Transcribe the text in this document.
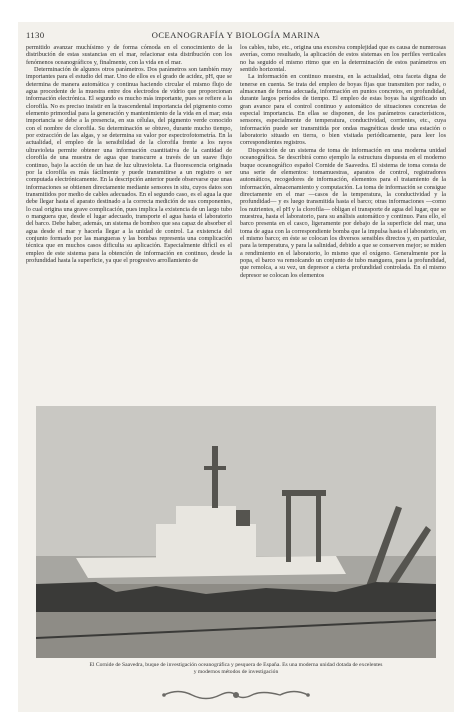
1130	OCEANOGRAFÍA Y BIOLOGÍA MARINA

permitido avanzar muchísimo y de forma cómoda en el conocimiento de la distribución de estas sustancias en el mar, relacionar esta distribución con los fenómenos oceanográficos y, finalmente, con la vida en el mar.

Determinación de algunos otros parámetros. Dos parámetros son también muy importantes para el estudio del mar. Uno de ellos es el grado de acidez, pH, que se determina de manera automática y continua haciendo circular el mismo flujo de agua procedente de la muestra entre dos electrodos de vidrio que proporcionan información electrónica. El segundo es mucho más importante, pues se refiere a la clorofila. No es preciso insistir en la trascendental importancia del pigmento como elemento primordial para la generación y mantenimiento de la vida en el mar; esta importancia se debe a la presencia, en sus células, del pigmento verde conocido con el nombre de clorofila. Su determinación se obtuvo, durante mucho tiempo, por extracción de las algas, y se determina su valor por espectrofotometría. En la actualidad, el empleo de la sensibilidad de la clorofila frente a los rayos ultravioleta permite obtener una información cuantitativa de la cantidad de clorofila de una muestra de agua que transcurre a través de un suave flujo continuo, bajo la acción de un haz de luz ultravioleta. La fluorescencia originada por la clorofila es más fácilmente y puede transmitirse a un registro o ser computada electrónicamente. En la descripción anterior puede observarse que unas informaciones se obtienen directamente mediante sensores in situ, cuyos datos son transmitidos por medio de cables adecuados. En el segundo caso, es el agua la que debe llegar hasta el aparato destinado a la correcta medición de sus componentes, lo cual origina una grave complicación, pues implica la existencia de un largo tubo o manguera que, desde el lugar adecuado, transporte el agua hasta el laboratorio del barco. Debe haber, además, un sistema de bombeo que sea capaz de absorber el agua desde el mar y hacerla llegar a la unidad de control. La existencia del conjunto formado por las mangueras y las bombas representa una complicación técnica que en muchos casos dificulta su aplicación. Especialmente difícil es el empleo de este sistema para la obtención de información en continuo, desde la profundidad hasta la superficie, ya que el progresivo arrollamiento de

los cables, tubo, etc., origina una excesiva complejidad que es causa de numerosas averías, como resultado, la aplicación de estos sistemas en los perfiles verticales no ha seguido el mismo ritmo que en la determinación de estos parámetros en sentido horizontal.

La información en continuo muestra, en la actualidad, otra faceta digna de tenerse en cuenta. Se trata del empleo de boyas fijas que transmiten por radio, o almacenan de forma adecuada, información en puntos concretos, en profundidad, durante largos períodos de tiempo. El empleo de estas boyas ha significado un gran avance para el control continuo y automático de situaciones concretas de especial importancia. En ellas se disponen, de los parámetros característicos, sensores, especialmente de temperatura, conductividad, corrientes, etc., cuya información puede ser transmitida por ondas magnéticas desde una estación o laboratorio situado en tierra, o bien visitada periódicamente, para leer los correspondientes registros.

Disposición de un sistema de toma de información en una moderna unidad oceanográfica. Se describirá como ejemplo la estructura dispuesta en el moderno buque oceanográfico español Cornide de Saavedra. El sistema de toma consta de una serie de elementos: tomamuestras, aparatos de control, registradores automáticos, recogedores de información, elementos para el tratamiento de la información, almacenamiento y computación. La toma de información se consigue directamente en el mar —casos de la temperatura, la conductividad y la profundidad— y es luego transmitida hasta el barco; otras informaciones —como los nutrientes, el pH y la clorofila— obligan el transporte de agua del lugar, que se muestrea, hasta el laboratorio, para su análisis automático y continuo. Para ello, el barco presenta en el casco, ligeramente por debajo de la superficie del mar, una toma de agua con la correspondiente bomba que la impulsa hasta el laboratorio, en el mismo barco; en éste se colocan los diversos sensibles directos y, en particular, para la temperatura, y para la salinidad, debido a que se conserven mejor; se miden a rendimiento en el laboratorio, lo mismo que el oxígeno. Generalmente por la popa, el barco va remolcando un conjunto de tubo manguera, para la profundidad, que remolca, a su vez, un depresor a cierta profundidad controlada. En el mismo depresor se colocan los elementos

El Cornide de Saavedra, buque de investigación oceanográfica y pesquera de España. Es una moderna unidad dotada de excelentes
y modernos métodos de investigación
